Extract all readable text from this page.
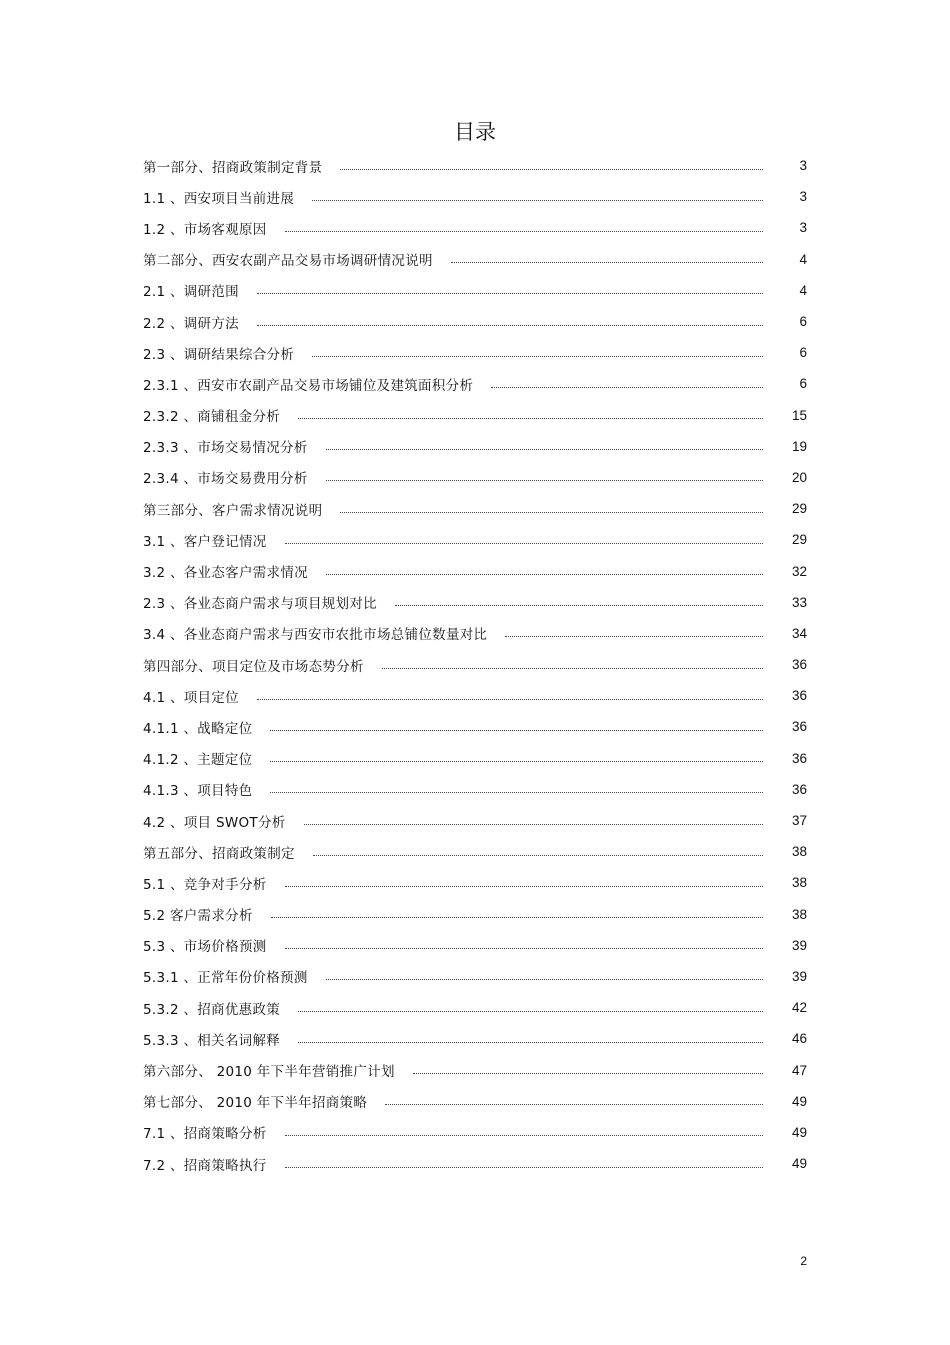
目录
第一部分、招商政策制定背景	3
1.1 、西安项目当前进展	3
1.2 、市场客观原因	3
第二部分、西安农副产品交易市场调研情况说明	4
2.1 、调研范围	4
2.2 、调研方法	6
2.3 、调研结果综合分析	6
2.3.1 、西安市农副产品交易市场铺位及建筑面积分析	6
2.3.2 、商铺租金分析	15
2.3.3 、市场交易情况分析	19
2.3.4 、市场交易费用分析	20
第三部分、客户需求情况说明	29
3.1 、客户登记情况	29
3.2 、各业态客户需求情况	32
2.3 、各业态商户需求与项目规划对比	33
3.4 、各业态商户需求与西安市农批市场总铺位数量对比	34
第四部分、项目定位及市场态势分析	36
4.1 、项目定位	36
4.1.1 、战略定位	36
4.1.2 、主题定位	36
4.1.3 、项目特色	36
4.2 、项目 SWOT分析	37
第五部分、招商政策制定	38
5.1 、竞争对手分析	38
5.2 客户需求分析	38
5.3 、市场价格预测	39
5.3.1 、正常年份价格预测	39
5.3.2 、招商优惠政策	42
5.3.3 、相关名词解释	46
第六部分、 2010 年下半年营销推广计划	47
第七部分、 2010 年下半年招商策略	49
7.1 、招商策略分析	49
7.2 、招商策略执行	49
2
